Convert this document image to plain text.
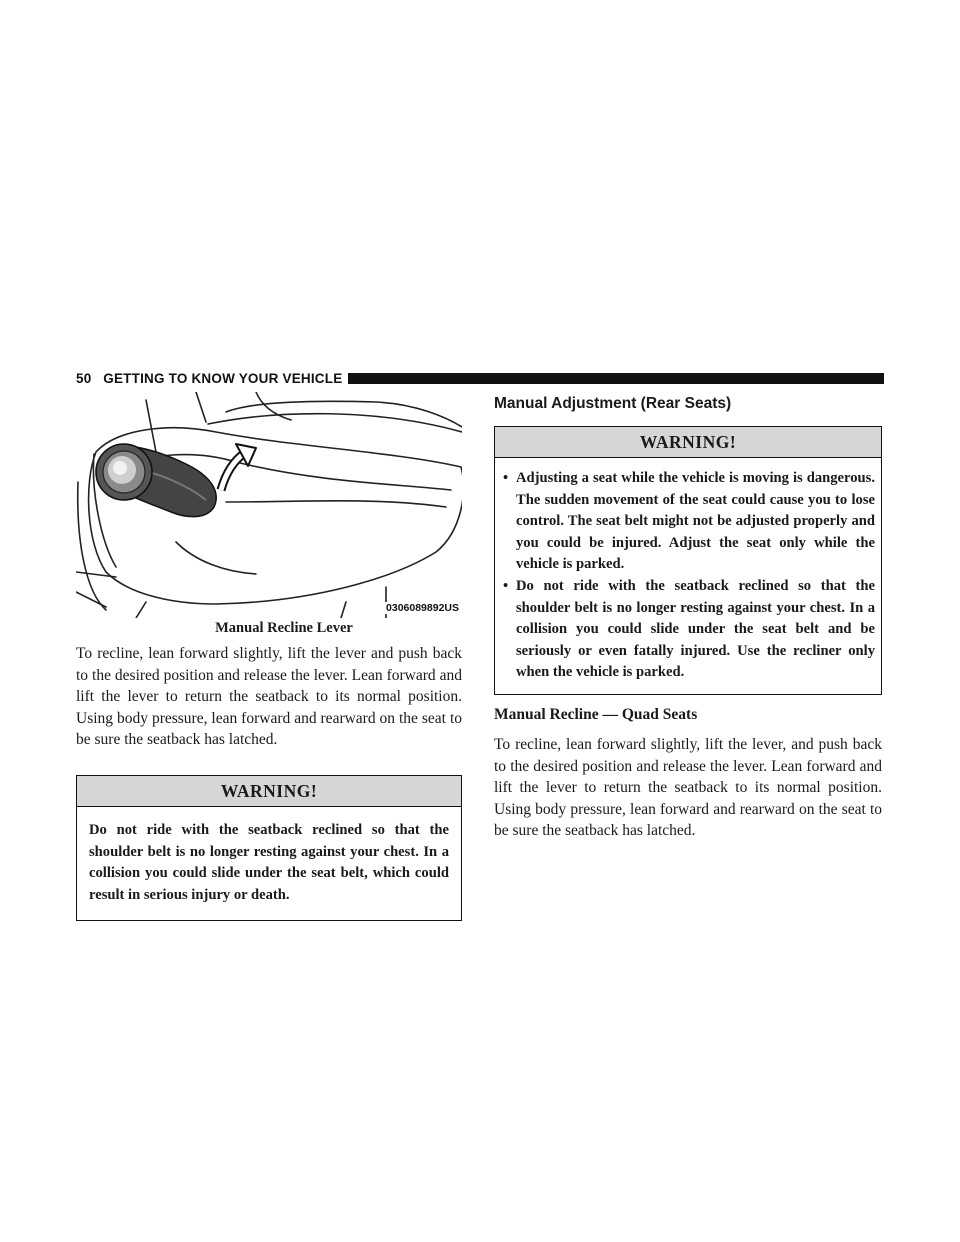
50 GETTING TO KNOW YOUR VEHICLE
0306089892US
Manual Recline Lever

To recline, lean forward slightly, lift the lever and push back to the desired position and release the lever. Lean forward and lift the lever to return the seatback to its normal position. Using body pressure, lean forward and rearward on the seat to be sure the seatback has latched.

WARNING!
Do not ride with the seatback reclined so that the shoulder belt is no longer resting against your chest. In a collision you could slide under the seat belt, which could result in serious injury or death.
Manual Adjustment (Rear Seats)
WARNING!
• Adjusting a seat while the vehicle is moving is dangerous. The sudden movement of the seat could cause you to lose control. The seat belt might not be adjusted properly and you could be injured. Adjust the seat only while the vehicle is parked.
• Do not ride with the seatback reclined so that the shoulder belt is no longer resting against your chest. In a collision you could slide under the seat belt and be seriously or even fatally injured. Use the recliner only when the vehicle is parked.
Manual Recline — Quad Seats

To recline, lean forward slightly, lift the lever, and push back to the desired position and release the lever. Lean forward and lift the lever to return the seatback to its normal position. Using body pressure, lean forward and rearward on the seat to be sure the seatback has latched.
